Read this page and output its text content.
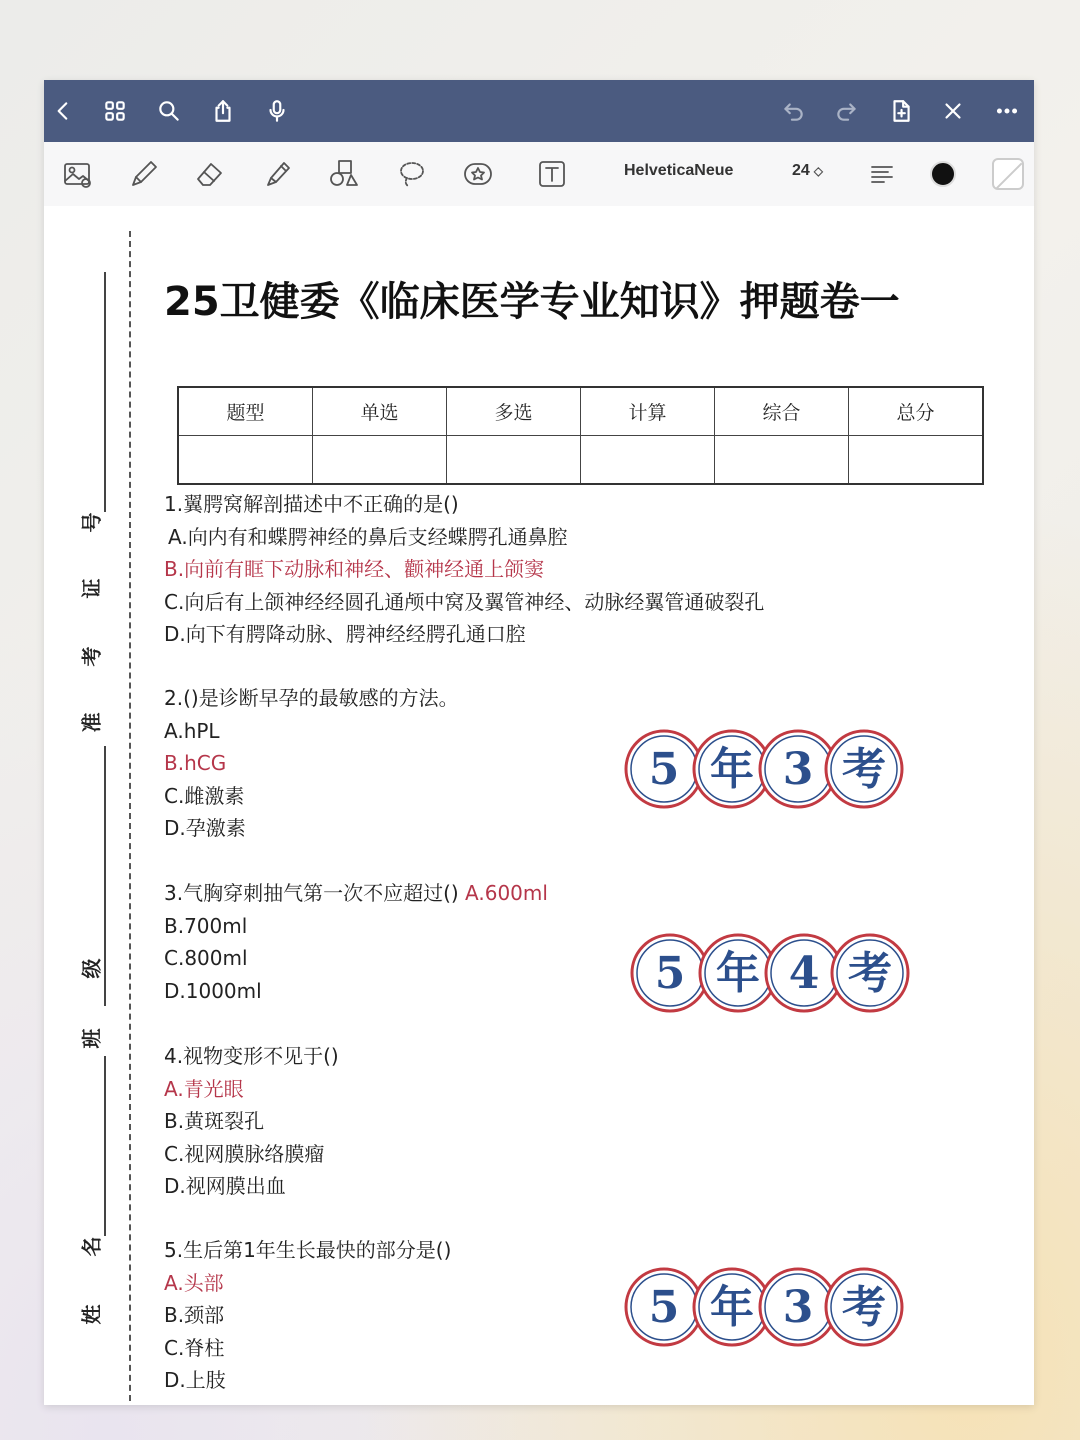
HelveticaNeue	24 ◇
号
证
考
准
级
班
名
姓
25卫健委《临床医学专业知识》押题卷一
题型	单选	多选	计算	综合	总分

1.翼腭窝解剖描述中不正确的是()
A.向内有和蝶腭神经的鼻后支经蝶腭孔通鼻腔
B.向前有眶下动脉和神经、颧神经通上颌窦
C.向后有上颌神经经圆孔通颅中窝及翼管神经、动脉经翼管通破裂孔
D.向下有腭降动脉、腭神经经腭孔通口腔
2.()是诊断早孕的最敏感的方法。
A.hPL
B.hCG
C.雌激素
D.孕激素
3.气胸穿刺抽气第一次不应超过() A.600ml
B.700ml
C.800ml
D.1000ml
4.视物变形不见于()
A.青光眼
B.黄斑裂孔
C.视网膜脉络膜瘤
D.视网膜出血
5.生后第1年生长最快的部分是()
A.头部
B.颈部
C.脊柱
D.上肢
5 年 3 考
5 年 4 考
5 年 3 考
